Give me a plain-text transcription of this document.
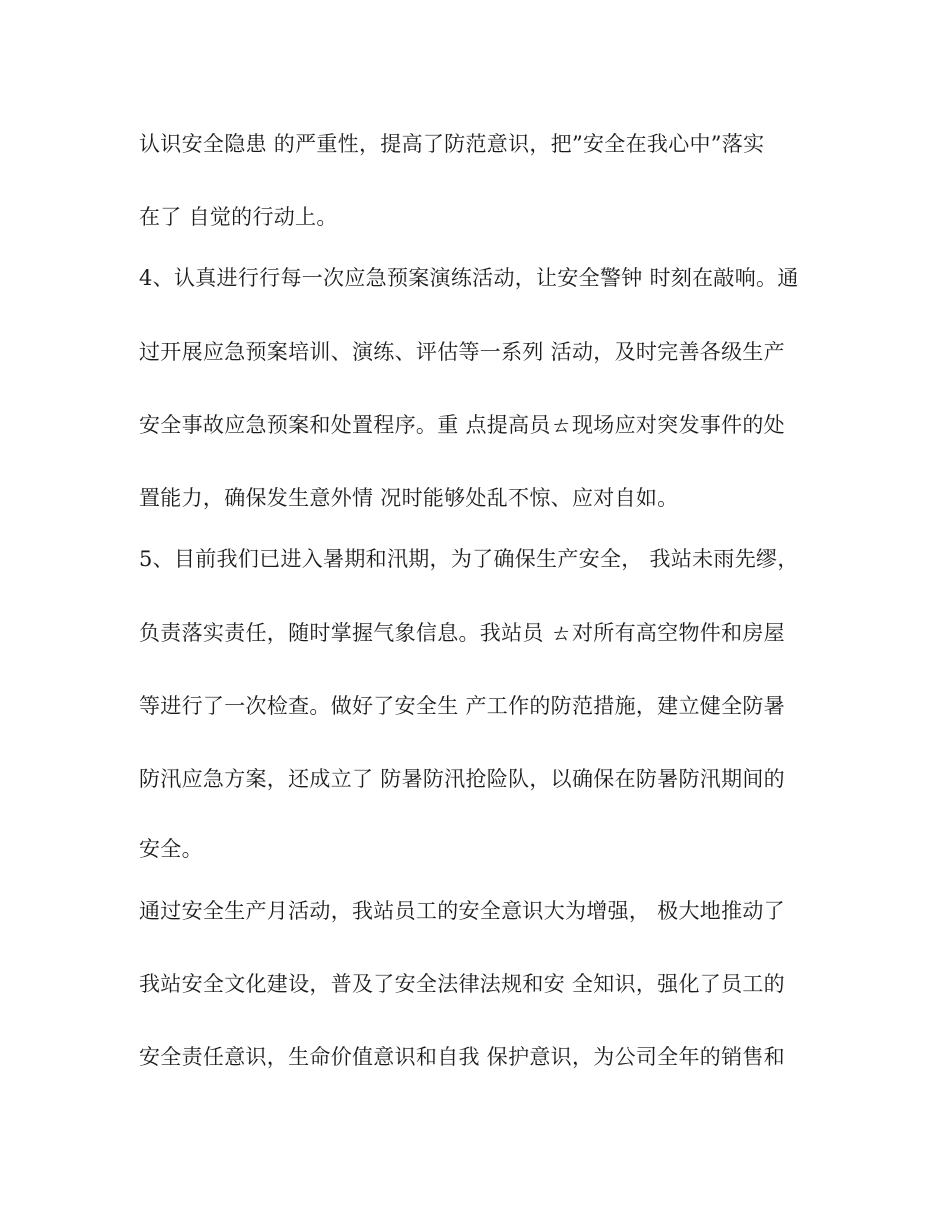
认识安全隐患 的严重性，提高了防范意识，把”安全在我心中”落实

在了 自觉的行动上。

4、认真进行行每一次应急预案演练活动，让安全警钟 时刻在敲响。通

过开展应急预案培训、演练、评估等一系列 活动，及时完善各级生产

安全事故应急预案和处置程序。重 点提高员ㄊ现场应对突发事件的处

置能力，确保发生意外情 况时能够处乱不惊、应对自如。

5、目前我们已进入暑期和汛期，为了确保生产安全， 我站未雨先缪，

负责落实责任，随时掌握气象信息。我站员 ㄊ对所有高空物件和房屋

等进行了一次检查。做好了安全生 产工作的防范措施，建立健全防暑

防汛应急方案，还成立了 防暑防汛抢险队，以确保在防暑防汛期间的

安全。

通过安全生产月活动，我站员工的安全意识大为增强， 极大地推动了

我站安全文化建设，普及了安全法律法规和安 全知识，强化了员工的

安全责任意识，生命价值意识和自我 保护意识，为公司全年的销售和
